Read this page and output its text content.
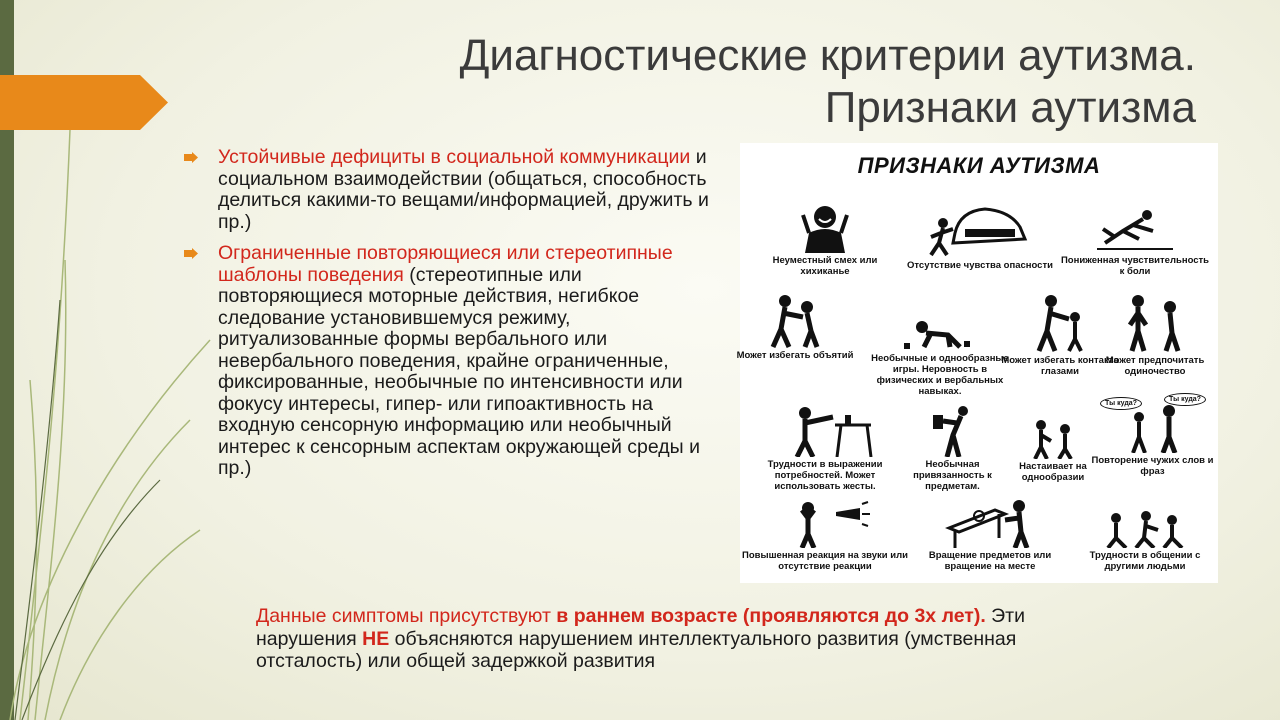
Диагностические критерии аутизма.
Признаки аутизма
Устойчивые дефициты в социальной коммуникации и социальном взаимодействии (общаться, способность делиться какими-то вещами/информацией, дружить и пр.)
Ограниченные повторяющиеся или стереотипные шаблоны поведения (стереотипные или повторяющиеся моторные действия, негибкое следование установившемуся режиму, ритуализованные формы вербального или невербального поведения, крайне ограниченные, фиксированные, необычные по интенсивности или фокусу интересы, гипер- или гипоактивность на входную сенсорную информацию или необычный интерес к сенсорным аспектам окружающей среды и пр.)
ПРИЗНАКИ АУТИЗМА
Неуместный смех или хихиканье
Отсутствие чувства опасности Пониженная чувствительность к боли
Может избегать объятий Необычные и однообразные игры. Неровность в физических и вербальных навыках.
Может избегать контакта глазами
Может предпочитать одиночество
Трудности в выражении потребностей. Может использовать жесты.
Необычная привязанность к предметам.
Настаивает на однообразии
Ты куда?
Ты куда?
Повторение чужих слов и фраз
Повышенная реакция на звуки или отсутствие реакции
Вращение предметов или вращение на месте
Трудности в общении с другими людьми
Данные симптомы присутствуют в раннем возрасте (проявляются до 3х лет). Эти нарушения НЕ объясняются нарушением интеллектуального развития (умственная отсталость) или общей задержкой развития
